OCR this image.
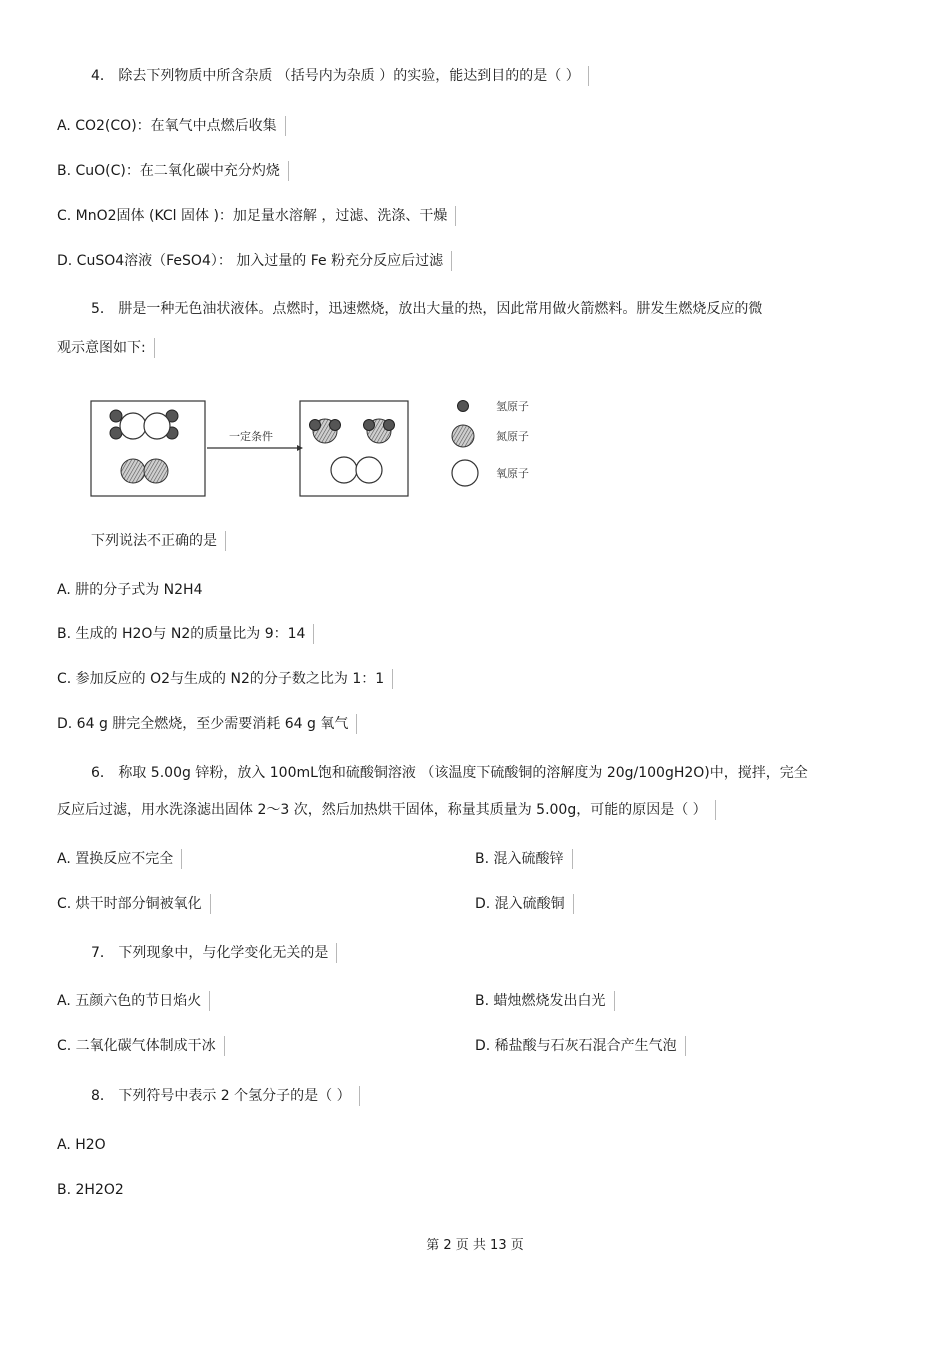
4． 除去下列物质中所含杂质 （括号内为杂质 ）的实验，能达到目的的是（ ）
A. CO2(CO)：在氧气中点燃后收集
B. CuO(C)：在二氧化碳中充分灼烧
C. MnO2固体 (KCl 固体 )：加足量水溶解 ，过滤、洗涤、干燥
D. CuSO4溶液（FeSO4）： 加入过量的 Fe 粉充分反应后过滤
5． 肼是一种无色油状液体。点燃时，迅速燃烧，放出大量的热，因此常用做火箭燃料。肼发生燃烧反应的微
观示意图如下:
一定条件
氢原子
氮原子
氧原子
下列说法不正确的是
A. 肼的分子式为 N2H4
B. 生成的 H2O与 N2的质量比为 9：14
C. 参加反应的 O2与生成的 N2的分子数之比为 1：1
D. 64 g 肼完全燃烧，至少需要消耗 64 g 氧气
6． 称取 5.00g 锌粉，放入 100mL饱和硫酸铜溶液 （该温度下硫酸铜的溶解度为 20g/100gH2O)中，搅拌，完全
反应后过滤，用水洗涤滤出固体 2～3 次，然后加热烘干固体，称量其质量为 5.00g，可能的原因是（ ）
A. 置换反应不完全	B. 混入硫酸锌
C. 烘干时部分铜被氧化	D. 混入硫酸铜
7． 下列现象中，与化学变化无关的是
A. 五颜六色的节日焰火	B. 蜡烛燃烧发出白光
C. 二氧化碳气体制成干冰	D. 稀盐酸与石灰石混合产生气泡
8． 下列符号中表示 2 个氢分子的是（ ）
A. H2O
B. 2H2O2
第 2 页 共 13 页
